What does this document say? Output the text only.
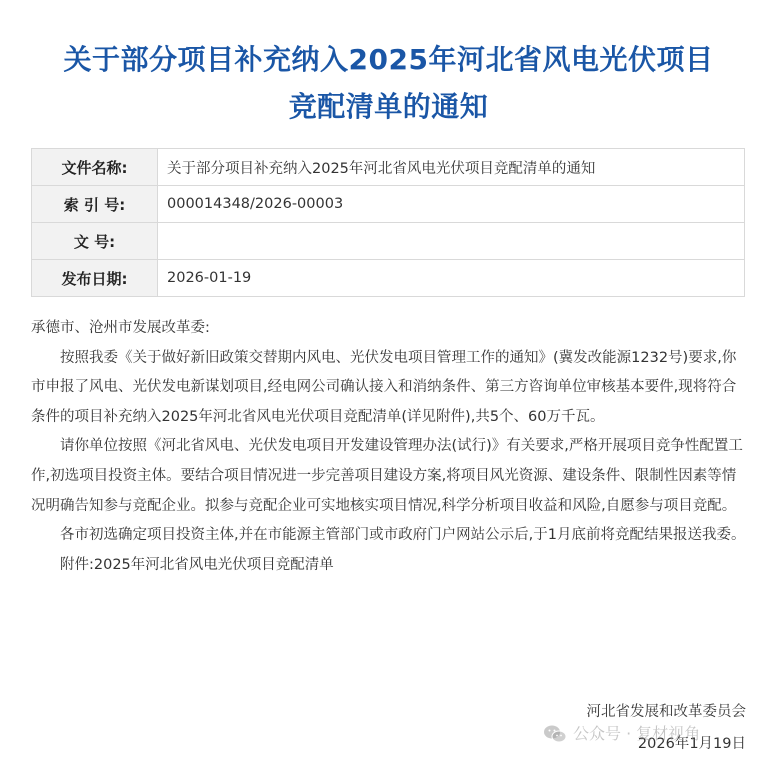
关于部分项目补充纳入2025年河北省风电光伏项目
竞配清单的通知
文件名称:	关于部分项目补充纳入2025年河北省风电光伏项目竞配清单的通知
索 引 号:	000014348/2026-00003
文 号:	
发布日期:	2026-01-19

承德市、沧州市发展改革委:

按照我委《关于做好新旧政策交替期内风电、光伏发电项目管理工作的通知》(冀发改能源1232号)要求,你市申报了风电、光伏发电新谋划项目,经电网公司确认接入和消纳条件、第三方咨询单位审核基本要件,现将符合条件的项目补充纳入2025年河北省风电光伏项目竞配清单(详见附件),共5个、60万千瓦。

请你单位按照《河北省风电、光伏发电项目开发建设管理办法(试行)》有关要求,严格开展项目竞争性配置工作,初选项目投资主体。要结合项目情况进一步完善项目建设方案,将项目风光资源、建设条件、限制性因素等情况明确告知参与竞配企业。拟参与竞配企业可实地核实项目情况,科学分析项目收益和风险,自愿参与项目竞配。

各市初选确定项目投资主体,并在市能源主管部门或市政府门户网站公示后,于1月底前将竞配结果报送我委。

附件:2025年河北省风电光伏项目竞配清单

河北省发展和改革委员会
2026年1月19日
公众号 · 复材视角
